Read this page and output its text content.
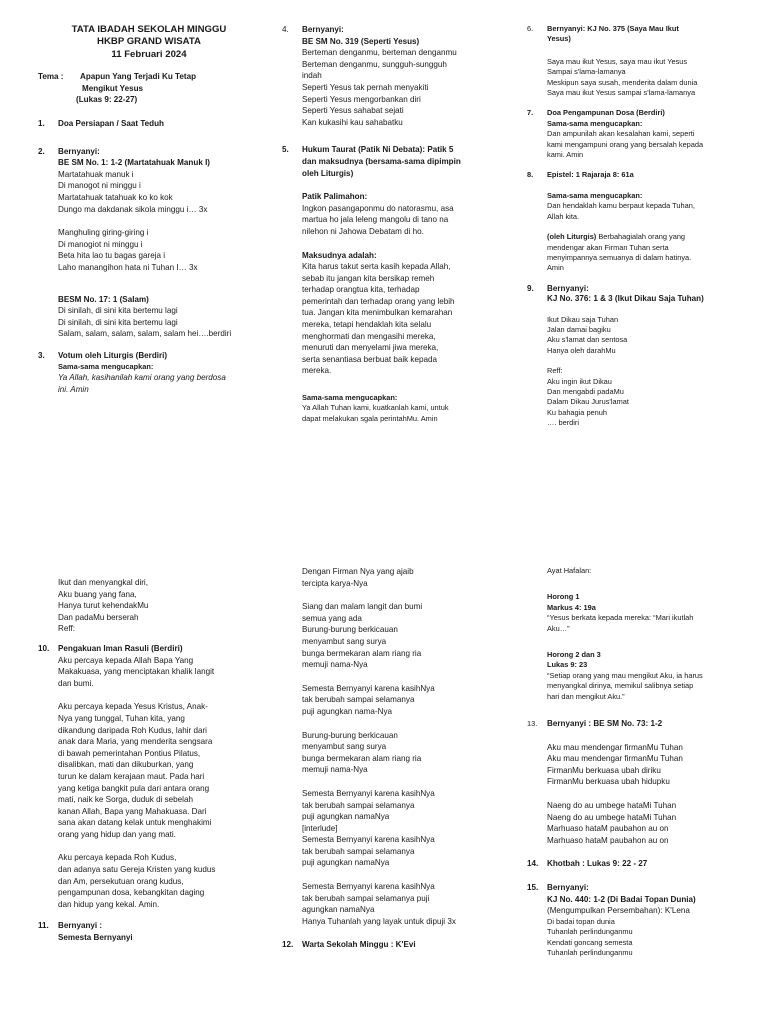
TATA IBADAH SEKOLAH MINGGU
HKBP GRAND WISATA
11 Februari 2024
Tema :	Apapun Yang Terjadi Ku Tetap
Mengikut Yesus
(Lukas 9: 22-27)
1. Doa Persiapan / Saat Teduh
2. Bernyanyi:
BE SM No. 1: 1-2 (Martatahuak Manuk I)
Martatahuak manuk i
Di manogot ni minggu i
Martatahuak tatahuak ko ko kok
Dungo ma dakdanak sikola minggu i… 3x
Manghuling giring-giring i
Di manogiot ni minggu i
Beta hita lao tu bagas gareja i
Laho manangihon hata ni Tuhan I… 3x
BESM No. 17: 1 (Salam)
Di sinilah, di sini kita bertemu lagi
Di sinilah, di sini kita bertemu lagi
Salam, salam, salam, salam, salam hei….berdiri
3. Votum oleh Liturgis (Berdiri)
Sama-sama mengucapkan:
Ya Allah, kasihanilah kami orang yang berdosa
ini. Amin
4. Bernyanyi:
BE SM No. 319 (Seperti Yesus)
Berteman denganmu, berteman denganmu
Berteman denganmu, sungguh-sungguh
indah
Seperti Yesus tak pernah menyakiti
Seperti Yesus mengorbankan diri
Seperti Yesus sahabat sejati
Kan kukasihi kau sahabatku
5.	Hukum Taurat (Patik Ni Debata): Patik 5
dan maksudnya (bersama-sama dipimpin
oleh Liturgis)
Patik Palimahon:
Ingkon pasangaponmu do natorasmu, asa
martua ho jala leleng mangolu di tano na
nilehon ni Jahowa Debatam di ho.
Maksudnya adalah:
Kita harus takut serta kasih kepada Allah,
sebab itu jangan kita bersikap remeh
terhadap orangtua kita, terhadap
pemerintah dan terhadap orang yang lebih
tua. Jangan kita menimbulkan kemarahan
mereka, tetapi hendaklah kita selalu
menghormati dan mengasihi mereka,
menuruti dan menyelami jiwa mereka,
serta senantiasa berbuat baik kepada
mereka.
Sama-sama mengucapkan:
Ya Allah Tuhan kami, kuatkanlah kami, untuk
dapat melakukan sgala perintahMu. Amin
6.	Bernyanyi: KJ No. 375 (Saya Mau Ikut
Yesus)
Saya mau ikut Yesus, saya mau ikut Yesus
Sampai s'lama-lamanya
Meskipun saya susah, menderita dalam dunia
Saya mau ikut Yesus sampai s'lama-lamanya
7. Doa Pengampunan Dosa (Berdiri)
Sama-sama mengucapkan:
Dan ampunilah akan kesalahan kami, seperti
kami mengampuni orang yang bersalah kepada
kami. Amin
8. Epistel: 1 Rajaraja 8: 61a
Sama-sama mengucapkan:
Dan hendaklah kamu berpaut kepada Tuhan,
Allah kita.
(oleh Liturgis) Berbahagialah orang yang
mendengar akan Firman Tuhan serta
menyimpannya semuanya di dalam hatinya.
Amin
9. Bernyanyi:
KJ No. 376: 1 & 3 (Ikut Dikau Saja Tuhan)
Ikut Dikau saja Tuhan
Jalan damai bagiku
Aku s'lamat dan sentosa
Hanya oleh darahMu
Reff:
Aku ingin ikut Dikau
Dan mengabdi padaMu
Dalam Dikau Jurus'lamat
Ku bahagia penuh
…. berdiri
Ikut dan menyangkal diri,
Aku buang yang fana,
Hanya turut kehendakMu
Dan padaMu berserah
Reff:
10. Pengakuan Iman Rasuli (Berdiri)
Aku percaya kepada Allah Bapa Yang
Makakuasa, yang menciptakan khalik langit
dan bumi.
Aku percaya kepada Yesus Kristus, Anak-
Nya yang tunggal, Tuhan kita, yang
dikandung daripada Roh Kudus, lahir dari
anak dara Maria, yang menderita sengsara
di bawah pemerintahan Pontius Pilatus,
disalibkan, mati dan dikuburkan, yang
turun ke dalam kerajaan maut. Pada hari
yang ketiga bangkit pula dari antara orang
mati, naik ke Sorga, duduk di sebelah
kanan Allah, Bapa yang Mahakuasa. Dari
sana akan datang kelak untuk menghakimi
orang yang hidup dan yang mati.
Aku percaya kepada Roh Kudus,
dan adanya satu Gereja Kristen yang kudus
dan Am, persekutuan orang kudus,
pengampunan dosa, kebangkitan daging
dan hidup yang kekal. Amin.
11. Bernyanyi :
Semesta Bernyanyi
Dengan Firman Nya yang ajaib
tercipta karya-Nya
Siang dan malam langit dan bumi
semua yang ada
Burung-burung berkicauan
menyambut sang surya
bunga bermekaran alam riang ria
memuji nama-Nya
Semesta Bernyanyi karena kasihNya
tak berubah sampai selamanya
puji agungkan nama-Nya
Burung-burung berkicauan
menyambut sang surya
bunga bermekaran alam riang ria
memuji nama-Nya
Semesta Bernyanyi karena kasihNya
tak berubah sampai selamanya
puji agungkan namaNya
[interlude]
Semesta Bernyanyi karena kasihNya
tak berubah sampai selamanya
puji agungkan namaNya
Semesta Bernyanyi karena kasihNya
tak berubah sampai selamanya puji
agungkan namaNya
Hanya Tuhanlah yang layak untuk dipuji 3x
12. Warta Sekolah Minggu : K'Evi
Ayat Hafalan:
Horong 1
Markus 4: 19a
“Yesus berkata kepada mereka: “Mari ikutlah
Aku…”
Horong 2 dan 3
Lukas 9: 23
“Setiap orang yang mau mengikut Aku, ia harus
menyangkal dirinya, memikul salibnya setiap
hari dan mengikut Aku.”
13. Bernyanyi : BE SM No. 73: 1-2
Aku mau mendengar firmanMu Tuhan
Aku mau mendengar firmanMu Tuhan
FirmanMu berkuasa ubah diriku
FirmanMu berkuasa ubah hidupku
Naeng do au umbege hataMi Tuhan
Naeng do au umbege hataMi Tuhan
Marhuaso hataM paubahon au on
Marhuaso hataM paubahon au on
14. Khotbah : Lukas 9: 22 - 27
15. Bernyanyi:
KJ No. 440: 1-2 (Di Badai Topan Dunia)
(Mengumpulkan Persembahan): K'Lena
Di badai topan dunia
Tuhanlah perlindunganmu
Kendati goncang semesta
Tuhanlah perlindunganmu
